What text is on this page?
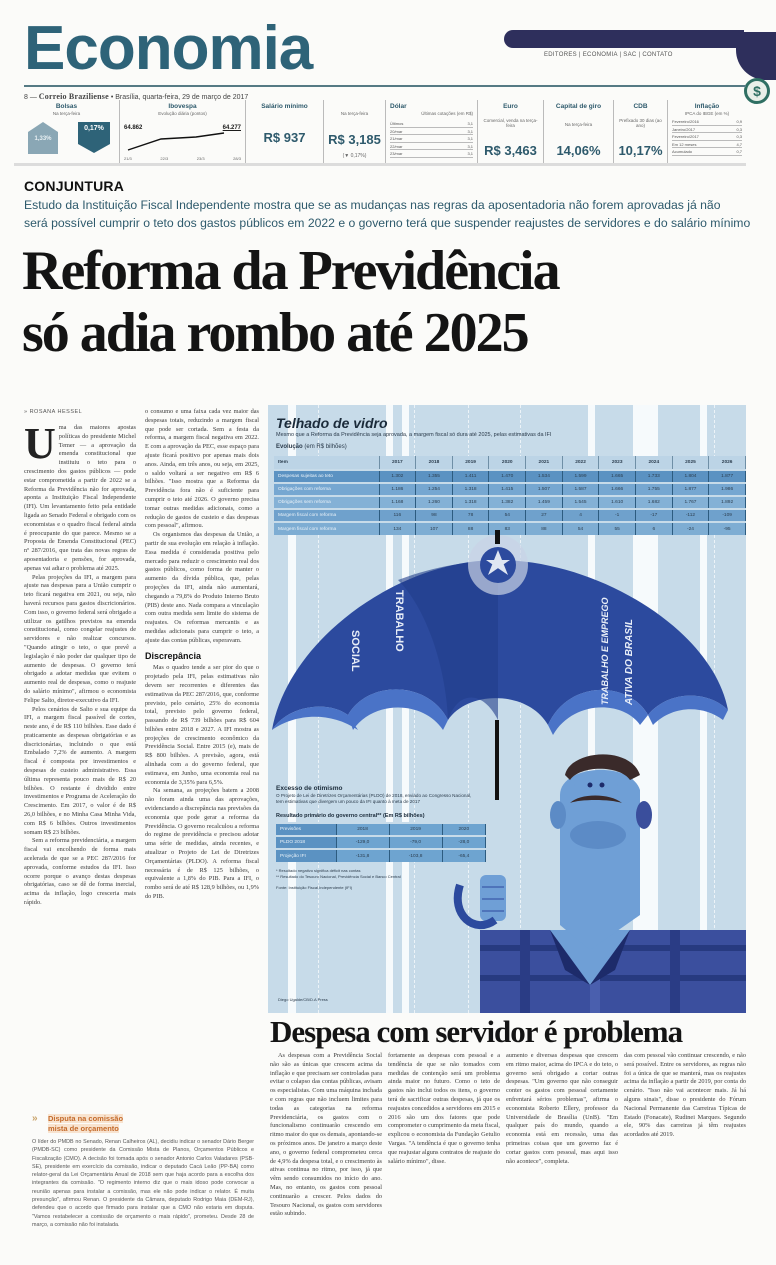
EDITORES | ECONOMIA | SAC | CONTATO
$
Economia
8 — Correio Braziliense • Brasília, quarta-feira, 29 de março de 2017
Bolsas
Na terça-feira
1,33%
0,17%
Ibovespa
Evolução diária (pontos)
64.862	64.277
21/3	22/3	23/3	28/3
Salário mínimo
R$ 937
Na terça-feira
R$ 3,185
(▼ 0,17%)
Dólar
Últimas cotações (em R$)
Últimos	3,1
20/mar	3,1
21/mar	3,1
22/mar	3,1
23/mar	3,1
Euro
Comercial, venda na terça-feira
R$ 3,463
Capital de giro
Na terça-feira
14,06%
CDB
Prefixado 30 dias (ao ano)
10,17%
Inflação
IPCA do IBGE (em %)
Fevereiro/2016	0,9
Janeiro/2017	0,3
Fevereiro/2017	0,3
Em 12 meses	4,7
Acumulado	0,7
CONJUNTURA
Estudo da Instituição Fiscal Independente mostra que se as mudanças nas regras da aposentadoria não forem aprovadas já não
será possível cumprir o teto dos gastos públicos em 2022 e o governo terá que suspender reajustes de servidores e do salário mínimo
Reforma da Previdência
só adia rombo até 2025
» ROSANA HESSEL
U ma das maiores apostas políticas do presidente Michel Temer — a aprovação da emenda constitucional que instituiu o teto para o crescimento dos gastos públicos — pode estar comprometida a partir de 2022 se a Reforma da Previdência não for aprovada, aponta a Instituição Fiscal Independente (IFI). Um levantamento feito pela entidade ligada ao Senado Federal e obrigado com os economistas e o quadro fiscal federal ainda é preocupante do que parece. Mesmo se a Proposta de Emenda Constitucional (PEC) nº 287/2016, que trata das novas regras de aposentadoria e pensões, for aprovada, apenas vai adiar o problema até 2025.

Pelas projeções da IFI, a margem para ajuste nas despesas para a União cumprir o teto ficará negativa em 2021, ou seja, não haverá recursos para gastos discricionários. Com isso, o governo federal será obrigado a utilizar os gatilhos previstos na emenda constitucional, como congelar reajustes de servidores e não realizar concursos. "Quando atingir o teto, o que prevê a legislação é não poder dar qualquer tipo de aumento de despesas. O governo terá obrigado a adotar medidas que evitem o aumento real de despesas, como o reajuste do salário mínimo", afirmou o economista Felipe Salto, diretor-executivo da IFI.

Pelos cenários de Salto e sua equipe da IFI, a margem fiscal passível de cortes, neste ano, é de R$ 110 bilhões. Esse dado é praticamente as despesas obrigatórias e as discricionárias, incluindo o que está Embalado 7,2% de aumento. A margem fiscal é composta por investimentos e despesas de custeio administrativo. Essa última representa pouco mais de R$ 20 bilhões. O restante é dividido entre investimentos e Programa de Aceleração do Crescimento. Em 2017, o valor é de R$ 26,0 bilhões, e no Minha Casa Minha Vida, com R$ 6 bilhões. Outros investimentos somam R$ 23 bilhões.

Sem a reforma previdenciária, a margem fiscal vai encolhendo de forma mais acelerada de que se a PEC 287/2016 for aprovada, conforme estudos da IFI. Isso ocorre porque o avanço destas despesas obrigatórias, caso se dê de forma inercial, acima da inflação, logo cresceria mais rápido.

o consumo e uma faixa cada vez maior das despesas totais, reduzindo a margem fiscal que pode ser cortada. Sem a festa da reforma, a margem fiscal negativa em 2022. E com a aprovação da PEC, esse espaço para ajuste ficará positivo por apenas mais dois anos. Ainda, em três anos, ou seja, em 2025, o saldo voltará a ser negativo em R$ 6 bilhões. "Isso mostra que a Reforma da Previdência fora não é suficiente para cumprir o teto até 2026. O governo precisa tomar outras medidas adicionais, como a redução de gastos de custeio e das despesas com pessoal", afirmou.

Os organismos das despesas da União, a partir de sua evolução em relação à inflação. Essa medida é considerada positiva pelo mercado para reduzir o crescimento real dos gastos públicos, como forma de manter o aumento da dívida pública, que, pelas projeções da IFI, ainda não aumentará, chegando a 79,8% do Produto Interno Bruto (PIB) deste ano. Nada compara a vinculação com outra medida sem limite do sistema de reajustes. Os reformas mercantis e as medidas adicionais para cumprir o teto, a ajuste das contas públicas, esperavam.

Discrepância

Mas o quadro tende a ser pior do que o projetado pela IFI, pelas estimativas não devem ser recorrentes e diferentes das estimativas da PEC 287/2016, que, conforme previsto, pelo cenário, 25% do economia total, previsto pelo governo federal, passando de R$ 739 bilhões para R$ 604 bilhões entre 2018 e 2027. A IFI mostra as projeções de crescimento econômico da Previdência Social. Entre 2015 (e), mais de R$ 800 bilhões. A previsão, agora, está alinhada com a do governo federal, que estimava, em Junho, uma economia real na economia de 3,35% para 6,5%.

Na semana, as projeções batem a 2008 não foram ainda uma das aprovações, evidenciando a discrepância nas previsões da economia que pode gerar a reforma da Previdência. O governo recalculou a reforma do regime de previdência e precisou adotar uma série de medidas, ainda recentes, e atualizar o Projeto de Lei de Diretrizes Orçamentárias (PLDO). A reforma fiscal necessária é de R$ 125 bilhões, o equivalente a 1,8% do PIB. Para a IFI, o rombo será de até R$ 128,9 bilhões, ou 1,9% do PIB.

Telhado de vidro
Mesmo que a Reforma da Previdência seja aprovada, a margem fiscal só dura até 2025, pelas estimativas da IFI
Evolução (em R$ bilhões)
Item	2017	2018	2019	2020	2021	2022	2023	2024	2025	2026
Despesas sujeitas ao teto	1.302	1.355	1.411	1.470	1.534	1.599	1.665	1.733	1.804	1.877
Obrigações com reforma	1.186	1.254	1.318	1.415	1.507	1.587	1.666	1.755	1.877	1.986
Obrigações sem reforma	1.168	1.260	1.318	1.382	1.459	1.545	1.610	1.682	1.767	1.892
Margem fiscal com reforma	116	98	78	54	27	4	-1	-17	-112	-109
Margem fiscal com reforma	134	107	88	83	88	54	55	6	-24	-95
SOCIAL	TRABALHO	ATIVA DO BRASIL
TRABALHO E EMPREGO
Excesso de otimismo
O Projeto de Lei de Diretrizes Orçamentárias (PLDO) de 2018, enviado ao Congresso Nacional, tem estimativas que divergem um pouco da IFI quanto à meta de 2017
Resultado primário do governo central** (Em R$ bilhões)
Previsões	2018	2019	2020
PLDO 2018	-129,0	-79,0	-28,0
Projeção IFI	-131,8	-103,8	-65,4
* Resultado negativo significa déficit nas contas
** Resultado do Tesouro Nacional, Previdência Social e Banco Central
Fonte: Instituição Fiscal Independente (IFI)
Diego Ugalde/CB/D.A Press
Despesa com servidor é problema

As despesas com a Previdência Social não são as únicas que crescem acima da inflação e que precisam ser controladas para evitar o colapso das contas públicas, avisam os especialistas. Com uma máquina inchada e com regras que não incluem limites para todas as categorias na reforma Previdenciária, os gastos com o funcionalismo continuarão crescendo em ritmo maior do que os demais, apontando-se os próximos anos. De janeiro a março deste ano, o governo federal comprometeu cerca de 4,9% da despesa total, e o crescimento às ativas continua no ritmo, por isso, já que vêm sendo consumidos no início do ano. Mas, no entanto, os gastos com pessoal continuarão a crescer. Pelos dados do Tesouro Nacional, os gastos com servidores estão subindo.

fortamente as despesas com pessoal e a tendência de que se não tomados com medidas de contenção será um problema ainda maior no futuro. Como o teto de gastos não inclui todos os itens, o governo terá de sacrificar outras despesas, já que os reajustes concedidos a servidores em 2015 e 2016 são um dos fatores que pode comprometer o cumprimento da meta fiscal, explicou o economista da Fundação Getulio Vargas. "A tendência é que o governo tenha que reajustar alguns contratos de reajuste do salário mínimo", disse.

aumento e diversas despesas que crescem em ritmo maior, acima do IPCA e do teto, o governo será obrigado a cortar outras despesas. "Um governo que não conseguir conter os gastos com pessoal certamente enfrentará sérios problemas", afirma o economista Roberto Ellery, professor da Universidade de Brasília (UnB). "Em qualquer país do mundo, quando a economia está em recessão, uma das primeiras coisas que um governo faz é cortar gastos com pessoal, mas aqui isso não acontece", completa.

das com pessoal vão continuar crescendo, e não será possível. Entre os servidores, as regras não foi a única de que se manterá, mas os reajustes acima da inflação a partir de 2019, por conta do cenário. "Isso não vai acontecer mais. Já há alguns sinais", disse o presidente do Fórum Nacional Permanente das Carreiras Típicas de Estado (Fonacate), Rudinei Marques. Segundo ele, 90% das carreiras já têm reajustes acordados até 2019.

» Disputa na comissão
mista de orçamento
O líder do PMDB no Senado, Renan Calheiros (AL), decidiu indicar o senador Dário Berger (PMDB-SC) como presidente da Comissão Mista de Planos, Orçamentos Públicos e Fiscalização (CMO). A decisão foi tomada após o senador Antonio Carlos Valadares (PSB-SE), presidente em exercício da comissão, indicar o deputado Cacá Leão (PP-BA) como relator-geral da Lei Orçamentária Anual de 2018 sem que haja acordo para a escolha dos integrantes da comissão. "O regimento interno diz que o mais idoso pode convocar a reunião apenas para instalar a comissão, mas ele não pode indicar o relator. É muita presunção", afirmou Renan. O presidente da Câmara, deputado Rodrigo Maia (DEM-RJ), defendeu que o acordo que firmado para instalar que a CMO não estaria em disputa. "Vamos restabelecer a comissão de orçamento o mais rápido", prometeu. Desde 28 de março, a comissão não foi instalada.
